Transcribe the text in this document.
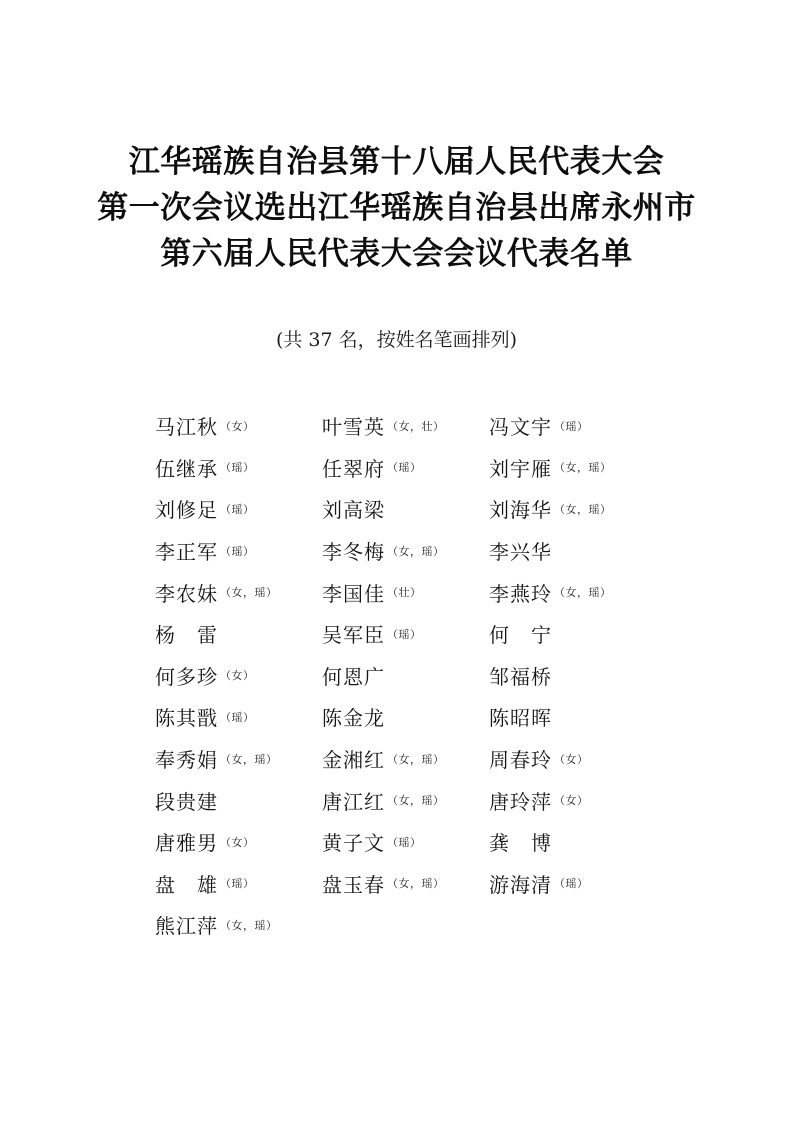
江华瑶族自治县第十八届人民代表大会
第一次会议选出江华瑶族自治县出席永州市
第六届人民代表大会会议代表名单
(共 37 名，按姓名笔画排列)
马江秋 （女）	叶雪英 （女，壮） 冯文宇 （瑶）
伍继承 （瑶）	任翠府 （瑶）	刘宇雁 （女，瑶）
刘修足 （瑶）	刘高梁	刘海华 （女，瑶）
李正军 （瑶）	李冬梅 （女，瑶） 李兴华
李农妹 （女，瑶） 李国佳 （壮）	李燕玲 （女，瑶）
杨　雷	吴军臣 （瑶）	何　宁
何多珍 （女）	何恩广	邹福桥
陈其戬 （瑶）	陈金龙	陈昭晖
奉秀娟 （女，瑶） 金湘红 （女，瑶） 周春玲 （女）
段贵建	唐江红 （女，瑶） 唐玲萍 （女）
唐雅男 （女）	黄子文 （瑶）	龚　博
盘　雄 （瑶）	盘玉春 （女，瑶） 游海清 （瑶）
熊江萍 （女，瑶）
